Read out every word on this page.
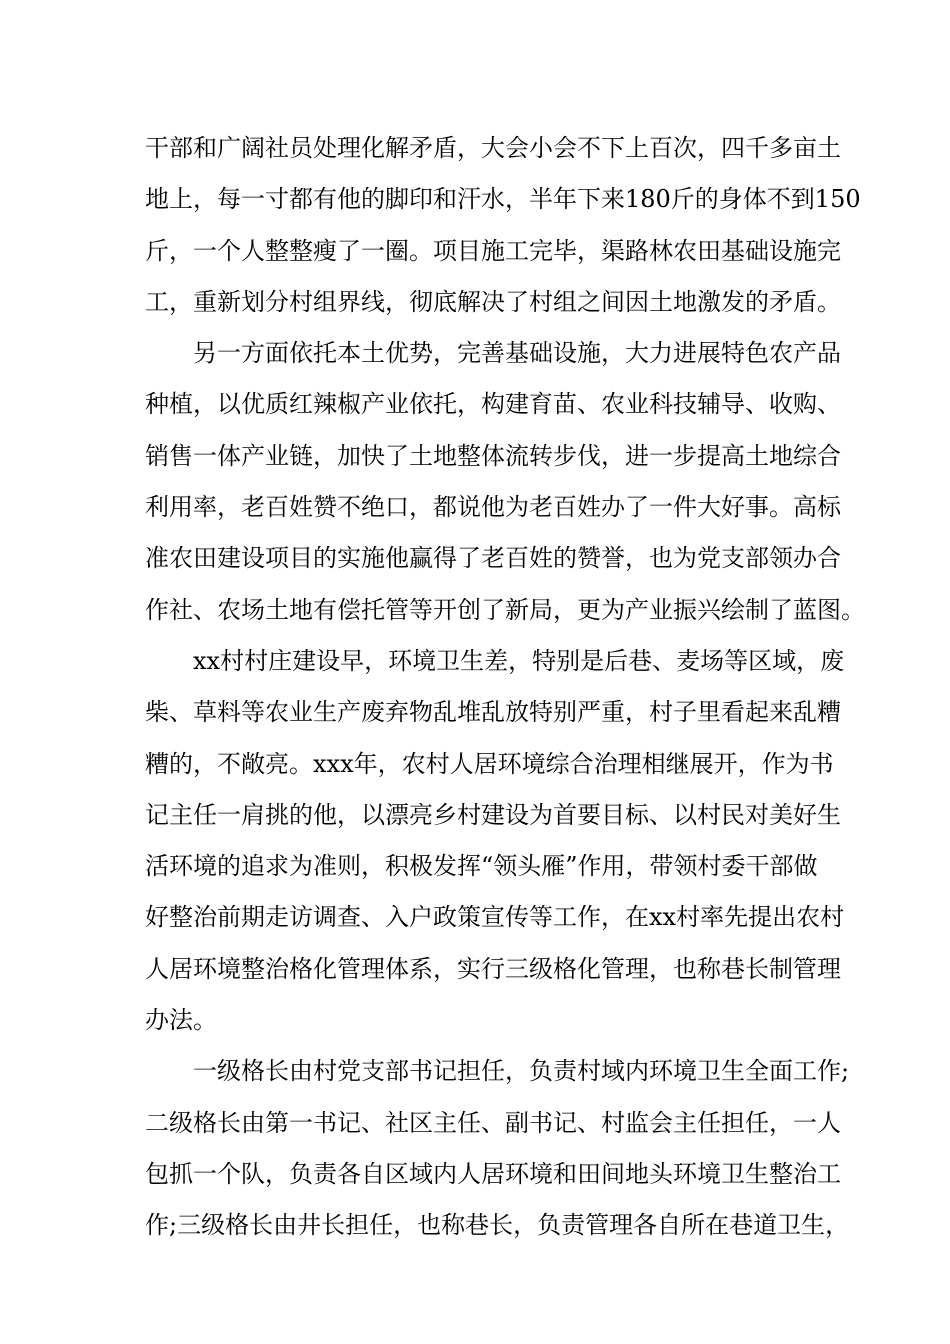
干部和广阔社员处理化解矛盾，大会小会不下上百次，四千多亩土
地上，每一寸都有他的脚印和汗水，半年下来180斤的身体不到150
斤，一个人整整瘦了一圈。项目施工完毕，渠路林农田基础设施完
工，重新划分村组界线，彻底解决了村组之间因土地激发的矛盾。
另一方面依托本土优势，完善基础设施，大力进展特色农产品
种植，以优质红辣椒产业依托，构建育苗、农业科技辅导、收购、
销售一体产业链，加快了土地整体流转步伐，进一步提高土地综合
利用率，老百姓赞不绝口，都说他为老百姓办了一件大好事。高标
准农田建设项目的实施他赢得了老百姓的赞誉，也为党支部领办合
作社、农场土地有偿托管等开创了新局，更为产业振兴绘制了蓝图。
xx村村庄建设早，环境卫生差，特别是后巷、麦场等区域，废
柴、草料等农业生产废弃物乱堆乱放特别严重，村子里看起来乱糟
糟的，不敞亮。xxx年，农村人居环境综合治理相继展开，作为书
记主任一肩挑的他，以漂亮乡村建设为首要目标、以村民对美好生
活环境的追求为准则，积极发挥“领头雁”作用，带领村委干部做
好整治前期走访调查、入户政策宣传等工作，在xx村率先提出农村
人居环境整治格化管理体系，实行三级格化管理，也称巷长制管理
办法。
一级格长由村党支部书记担任，负责村域内环境卫生全面工作;
二级格长由第一书记、社区主任、副书记、村监会主任担任，一人
包抓一个队，负责各自区域内人居环境和田间地头环境卫生整治工
作;三级格长由井长担任，也称巷长，负责管理各自所在巷道卫生，
